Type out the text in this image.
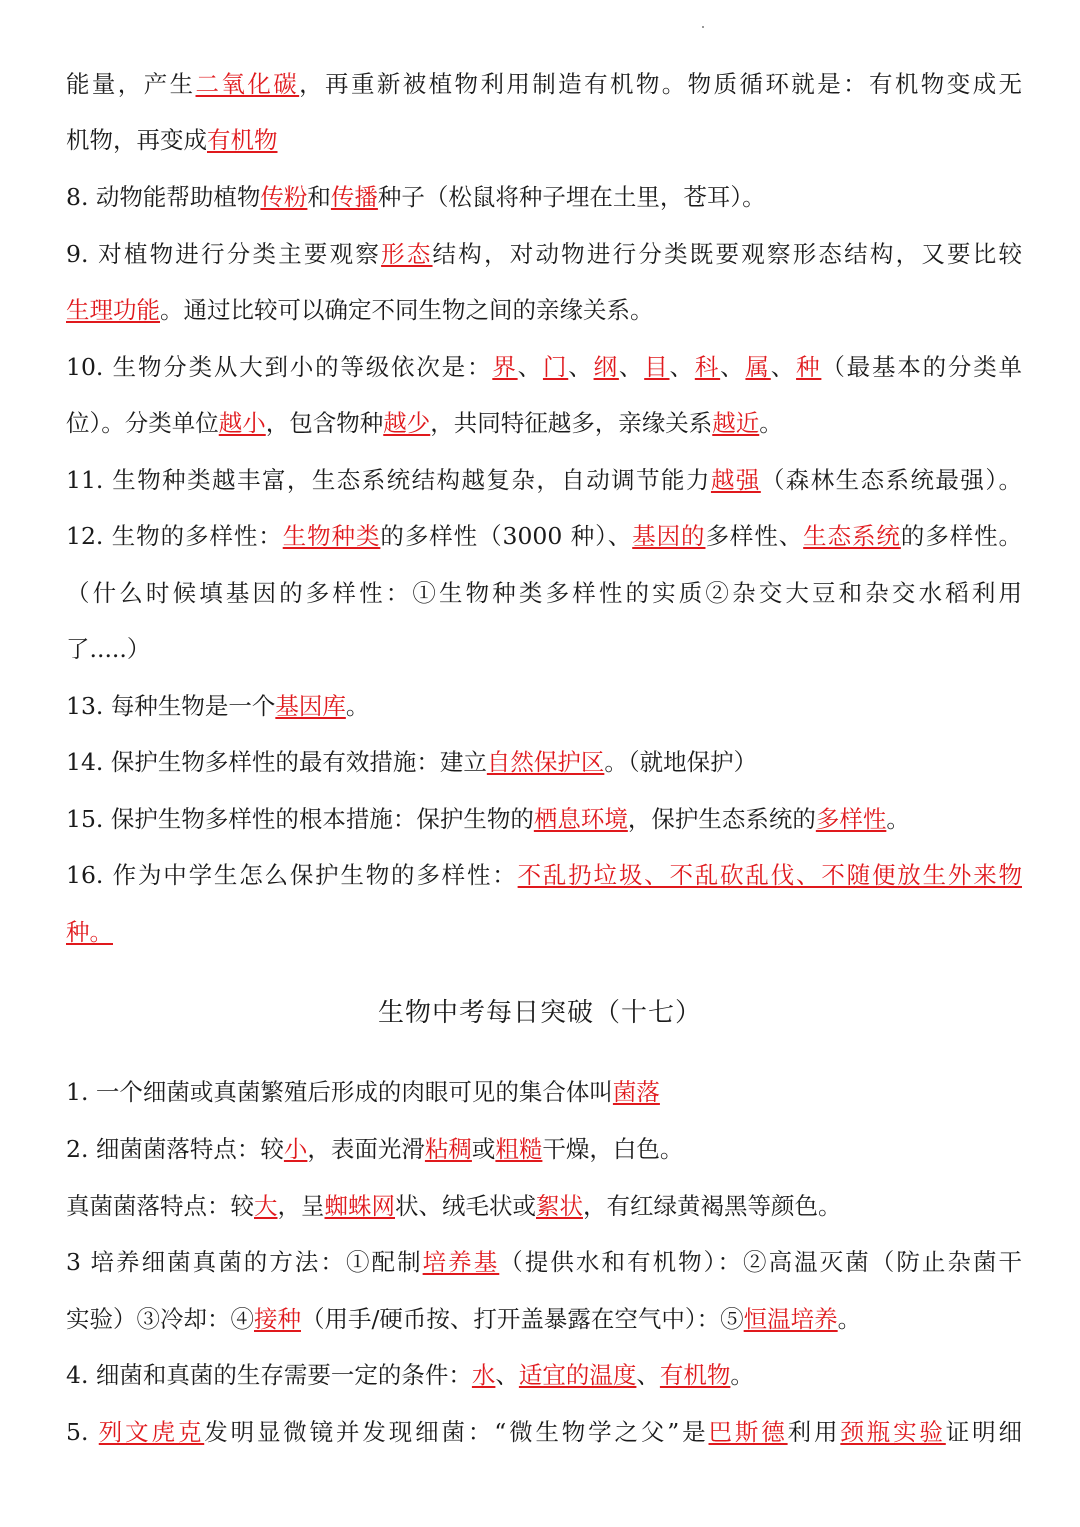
能量，产生二氧化碳，再重新被植物利用制造有机物。物质循环就是：有机物变成无
机物，再变成有机物
8. 动物能帮助植物传粉和传播种子（松鼠将种子埋在土里，苍耳）。
9. 对植物进行分类主要观察形态结构，对动物进行分类既要观察形态结构，又要比较
生理功能。通过比较可以确定不同生物之间的亲缘关系。
10. 生物分类从大到小的等级依次是：界、门、纲、目、科、属、种（最基本的分类单
位）。分类单位越小，包含物种越少，共同特征越多，亲缘关系越近。
11. 生物种类越丰富，生态系统结构越复杂，自动调节能力越强（森林生态系统最强）。
12. 生物的多样性：生物种类的多样性（3000 种）、基因的多样性、生态系统的多样性。
（什么时候填基因的多样性：①生物种类多样性的实质②杂交大豆和杂交水稻利用
了.....）
13. 每种生物是一个基因库。
14. 保护生物多样性的最有效措施：建立自然保护区。（就地保护）
15. 保护生物多样性的根本措施：保护生物的栖息环境，保护生态系统的多样性。
16. 作为中学生怎么保护生物的多样性：不乱扔垃圾、不乱砍乱伐、不随便放生外来物
种。
1. 一个细菌或真菌繁殖后形成的肉眼可见的集合体叫菌落
2. 细菌菌落特点：较小，表面光滑粘稠或粗糙干燥，白色。
真菌菌落特点：较大，呈蜘蛛网状、绒毛状或絮状，有红绿黄褐黑等颜色。
3 培养细菌真菌的方法：①配制培养基（提供水和有机物）：②高温灭菌（防止杂菌干
实验）③冷却：④接种（用手/硬币按、打开盖暴露在空气中）：⑤恒温培养。
4. 细菌和真菌的生存需要一定的条件：水、适宜的温度、有机物。
5. 列文虎克发明显微镜并发现细菌：“微生物学之父”是巴斯德利用颈瓶实验证明细
生物中考每日突破（十七）
